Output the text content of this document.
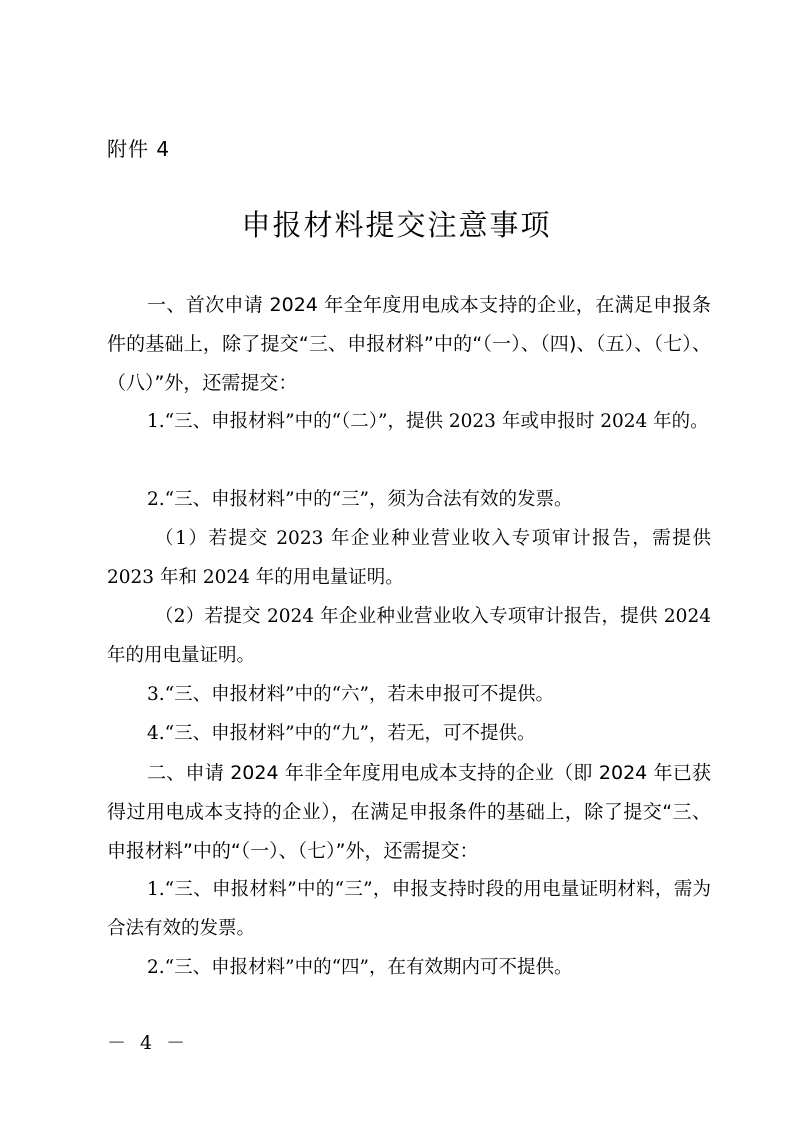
附件 4
申报材料提交注意事项
一、首次申请 2024 年全年度用电成本支持的企业，在满足申报条件的基础上，除了提交“三、申报材料”中的“（一）、（四)、（五）、（七）、（八）”外，还需提交：
1.“三、申报材料”中的“（二）”，提供 2023 年或申报时 2024 年的。
2.“三、申报材料”中的“三”，须为合法有效的发票。
（1）若提交 2023 年企业种业营业收入专项审计报告，需提供 2023 年和 2024 年的用电量证明。
（2）若提交 2024 年企业种业营业收入专项审计报告，提供 2024 年的用电量证明。
3.“三、申报材料”中的“六”，若未申报可不提供。
4.“三、申报材料”中的“九”，若无，可不提供。
二、申请 2024 年非全年度用电成本支持的企业（即 2024 年已获得过用电成本支持的企业），在满足申报条件的基础上，除了提交“三、申报材料”中的“（一）、（七）”外，还需提交：
1.“三、申报材料”中的“三”，申报支持时段的用电量证明材料，需为合法有效的发票。
2.“三、申报材料”中的“四”，在有效期内可不提供。
－ 4 －
